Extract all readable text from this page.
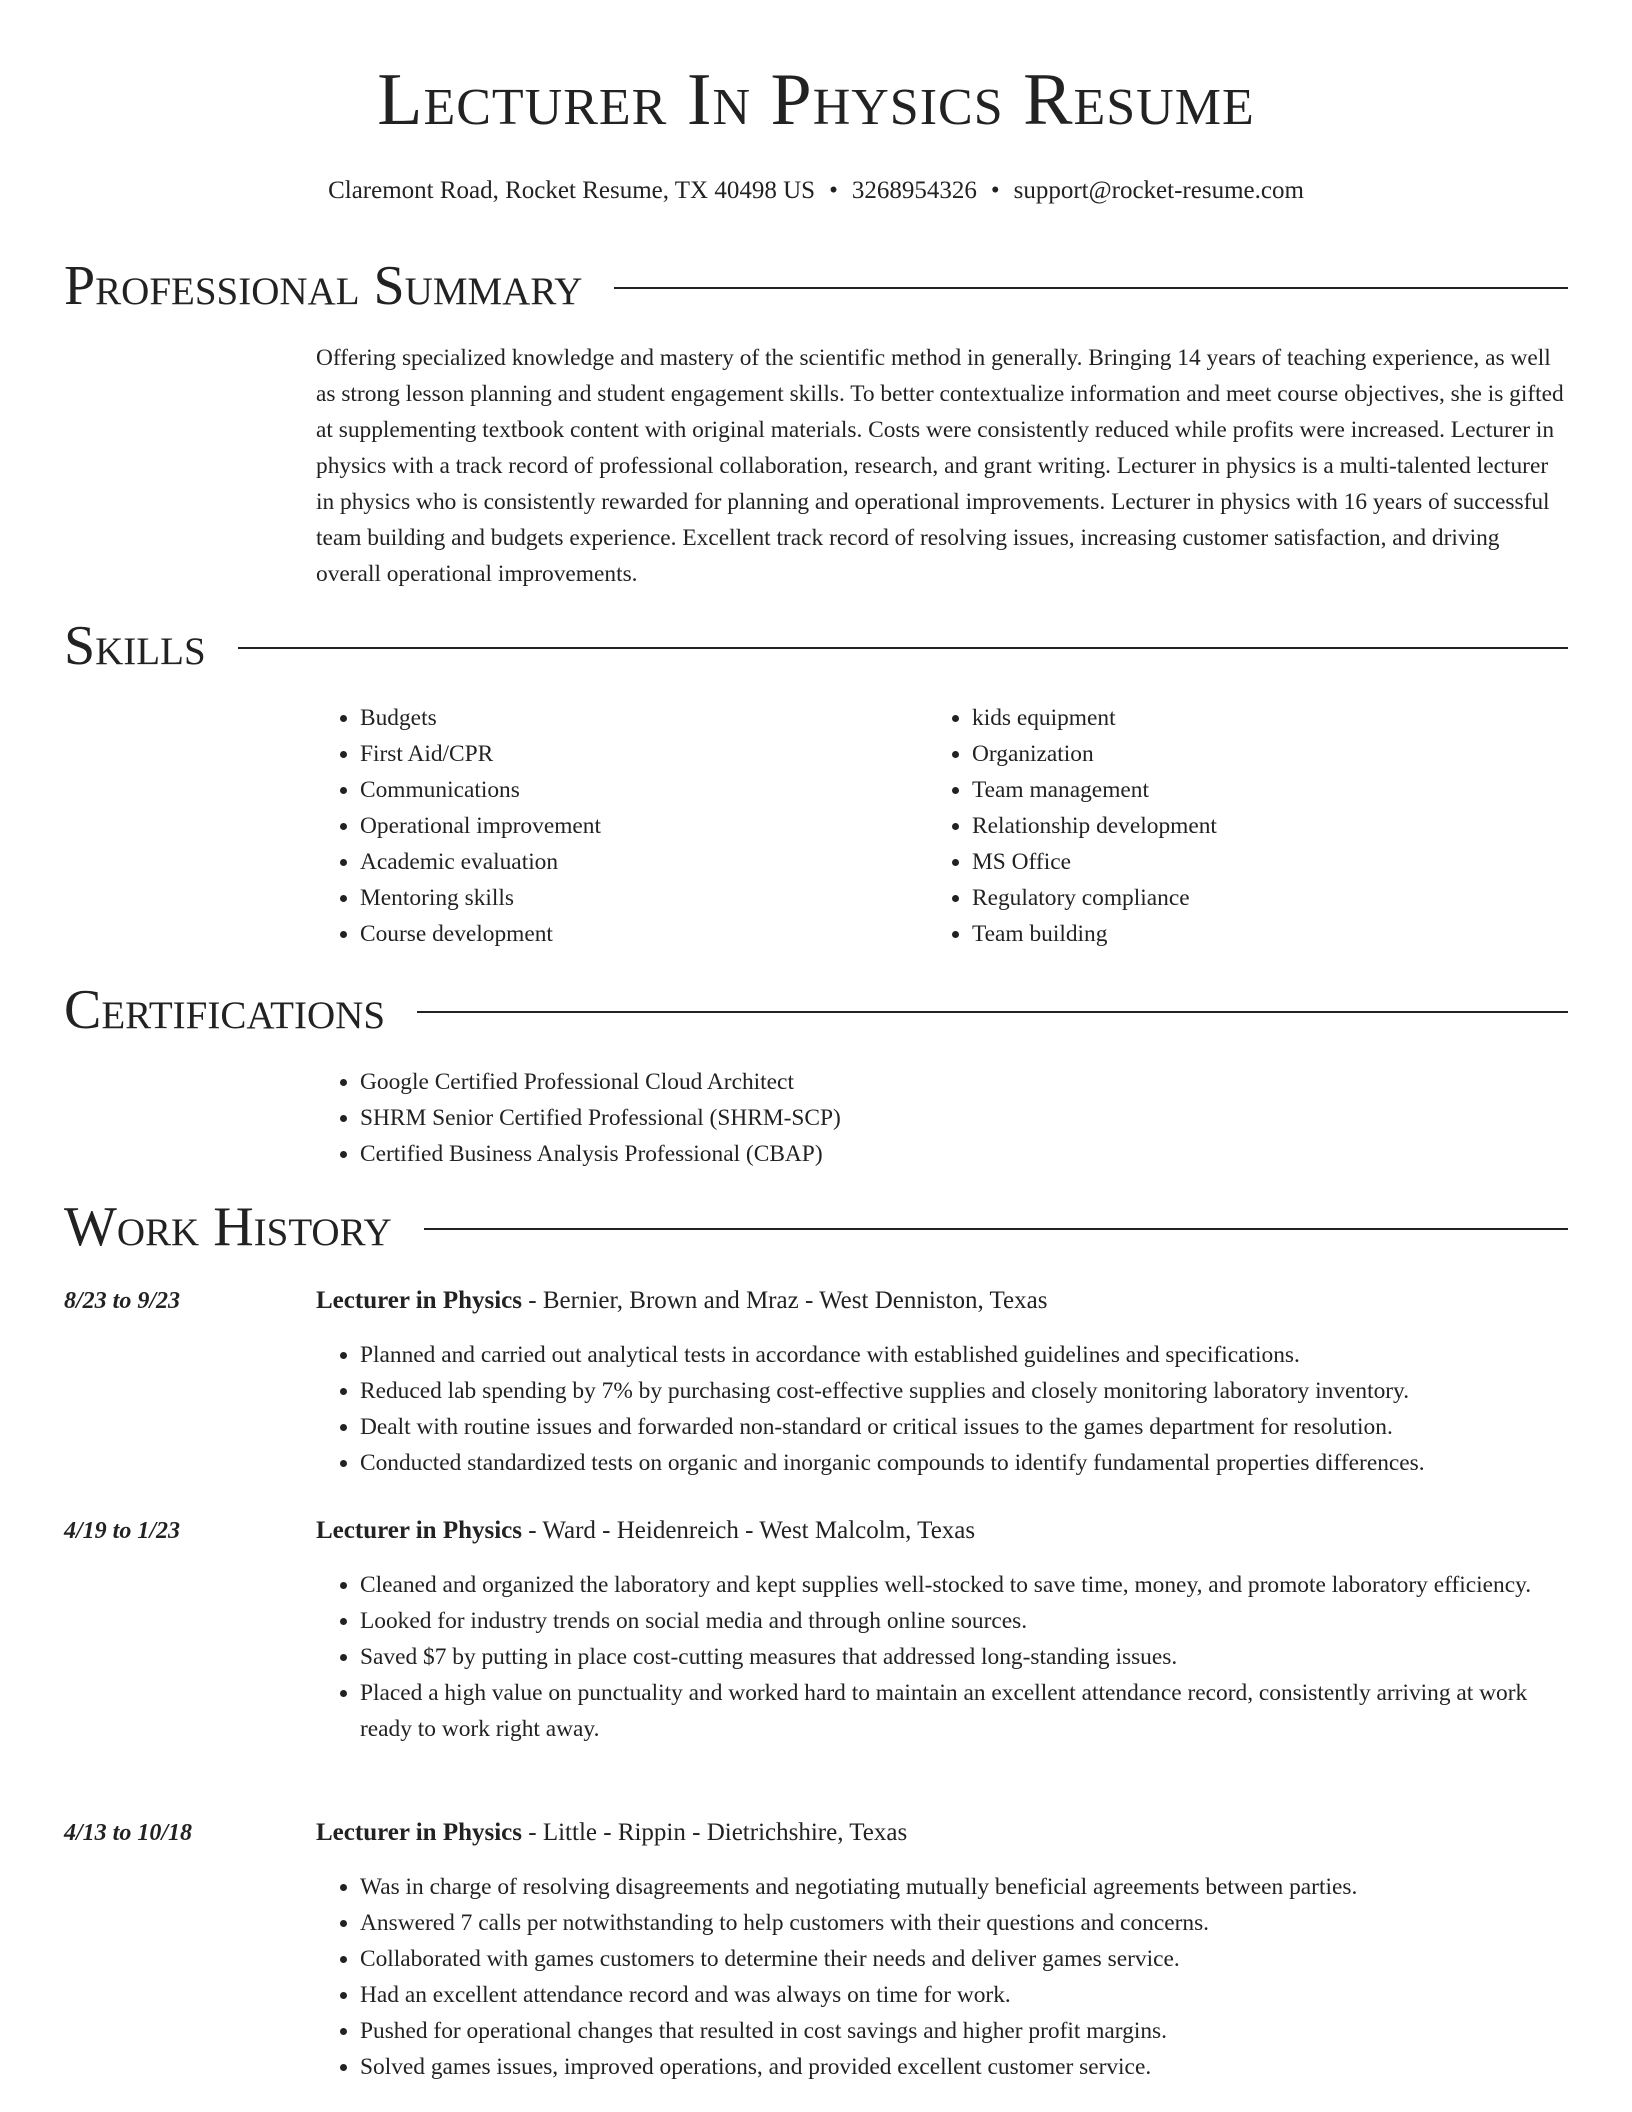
Lecturer In Physics Resume
Claremont Road, Rocket Resume, TX 40498 US • 3268954326 • support@rocket-resume.com
Professional Summary

Offering specialized knowledge and mastery of the scientific method in generally. Bringing 14 years of teaching experience, as well as strong lesson planning and student engagement skills. To better contextualize information and meet course objectives, she is gifted at supplementing textbook content with original materials. Costs were consistently reduced while profits were increased. Lecturer in physics with a track record of professional collaboration, research, and grant writing. Lecturer in physics is a multi-talented lecturer in physics who is consistently rewarded for planning and operational improvements. Lecturer in physics with 16 years of successful team building and budgets experience. Excellent track record of resolving issues, increasing customer satisfaction, and driving overall operational improvements.

Skills
• Budgets
• First Aid/CPR
• Communications
• Operational improvement
• Academic evaluation
• Mentoring skills
• Course development
• kids equipment
• Organization
• Team management
• Relationship development
• MS Office
• Regulatory compliance
• Team building
Certifications
• Google Certified Professional Cloud Architect
• SHRM Senior Certified Professional (SHRM-SCP)
• Certified Business Analysis Professional (CBAP)
Work History
8/23 to 9/23	Lecturer in Physics - Bernier, Brown and Mraz - West Denniston, Texas
• Planned and carried out analytical tests in accordance with established guidelines and specifications.
• Reduced lab spending by 7% by purchasing cost-effective supplies and closely monitoring laboratory inventory.
• Dealt with routine issues and forwarded non-standard or critical issues to the games department for resolution.
• Conducted standardized tests on organic and inorganic compounds to identify fundamental properties differences.
4/19 to 1/23	Lecturer in Physics - Ward - Heidenreich - West Malcolm, Texas
• Cleaned and organized the laboratory and kept supplies well-stocked to save time, money, and promote laboratory efficiency.
• Looked for industry trends on social media and through online sources.
• Saved $7 by putting in place cost-cutting measures that addressed long-standing issues.
• Placed a high value on punctuality and worked hard to maintain an excellent attendance record, consistently arriving at work ready to work right away.
4/13 to 10/18	Lecturer in Physics - Little - Rippin - Dietrichshire, Texas
• Was in charge of resolving disagreements and negotiating mutually beneficial agreements between parties.
• Answered 7 calls per notwithstanding to help customers with their questions and concerns.
• Collaborated with games customers to determine their needs and deliver games service.
• Had an excellent attendance record and was always on time for work.
• Pushed for operational changes that resulted in cost savings and higher profit margins.
• Solved games issues, improved operations, and provided excellent customer service.
